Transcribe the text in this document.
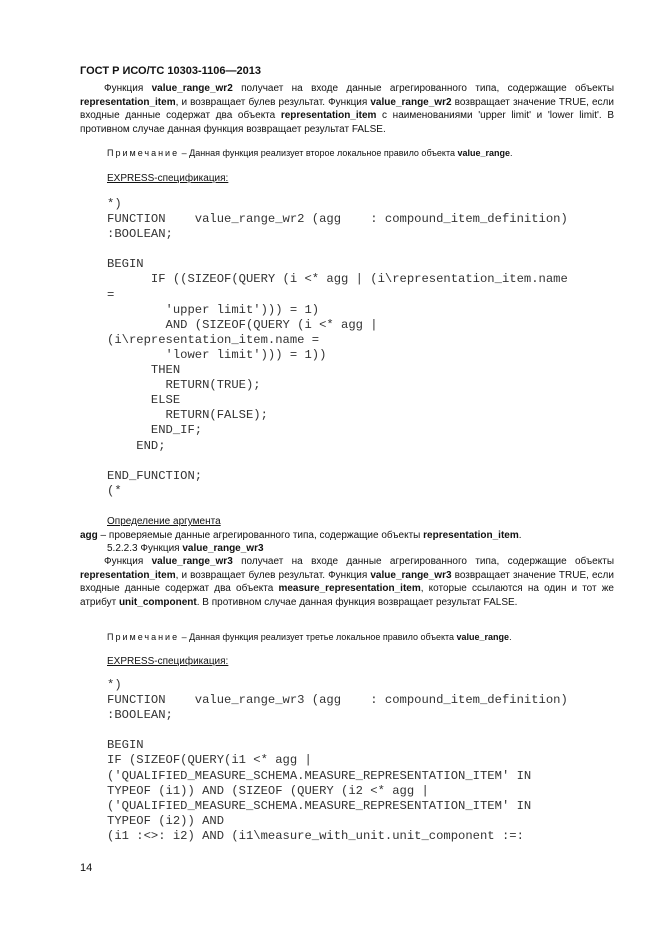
ГОСТ Р ИСО/ТС 10303-1106—2013
Функция value_range_wr2 получает на входе данные агрегированного типа, содержащие объекты representation_item, и возвращает булев результат. Функция value_range_wr2 возвращает значение TRUE, если входные данные содержат два объекта representation_item с наименованиями 'upper limit' и 'lower limit'. В противном случае данная функция возвращает результат FALSE.
Примечание – Данная функция реализует второе локальное правило объекта value_range.
EXPRESS-спецификация:
*)
FUNCTION    value_range_wr2 (agg    : compound_item_definition)
:BOOLEAN;
BEGIN
IF ((SIZEOF(QUERY (i <* agg | (i\representation_item.name
=
'upper limit'))) = 1)
AND (SIZEOF(QUERY (i <* agg |
(i\representation_item.name =
'lower limit'))) = 1))
THEN
RETURN(TRUE);
ELSE
RETURN(FALSE);
END_IF;
END;
END_FUNCTION;
(*
Определение аргумента
agg – проверяемые данные агрегированного типа, содержащие объекты representation_item.
5.2.2.3 Функция value_range_wr3
Функция value_range_wr3 получает на входе данные агрегированного типа, содержащие объекты representation_item, и возвращает булев результат. Функция value_range_wr3 возвращает значение TRUE, если входные данные содержат два объекта measure_representation_item, которые ссылаются на один и тот же атрибут unit_component. В противном случае данная функция возвращает результат FALSE.
Примечание – Данная функция реализует третье локальное правило объекта value_range.
EXPRESS-спецификация:
*)
FUNCTION    value_range_wr3 (agg    : compound_item_definition)
:BOOLEAN;
BEGIN
IF (SIZEOF(QUERY(i1 <* agg |
('QUALIFIED_MEASURE_SCHEMA.MEASURE_REPRESENTATION_ITEM' IN
TYPEOF (i1)) AND (SIZEOF (QUERY (i2 <* agg |
('QUALIFIED_MEASURE_SCHEMA.MEASURE_REPRESENTATION_ITEM' IN
TYPEOF (i2)) AND
(i1 :<>: i2) AND (i1\measure_with_unit.unit_component :=:
14
